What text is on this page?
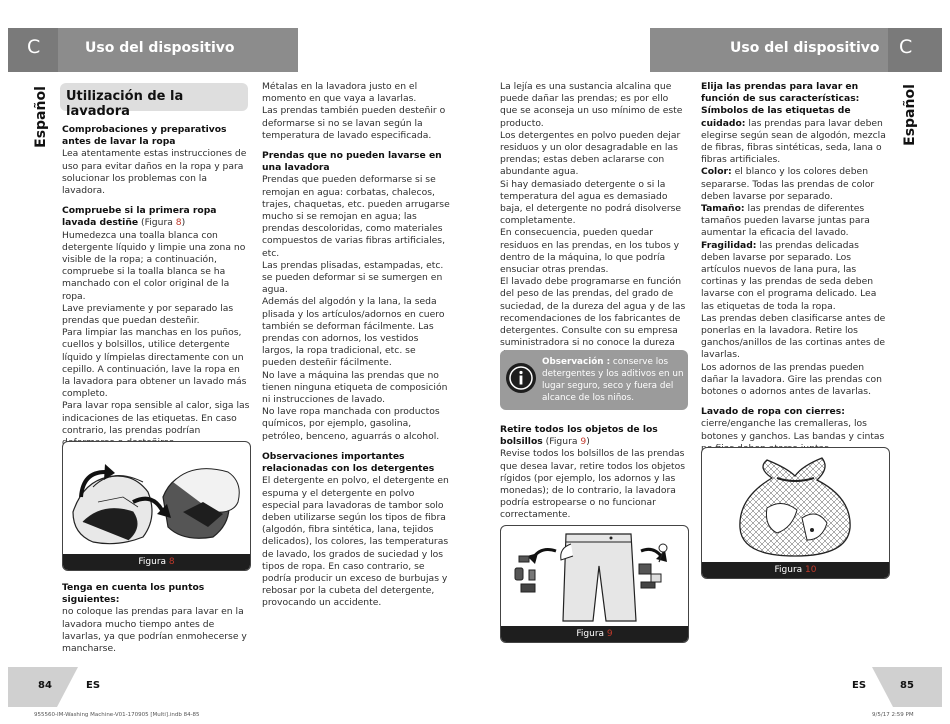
C	Uso del dispositivo	C
Uso del dispositivo
Español	Español
Utilización de la lavadora

Comprobaciones y preparativos antes de lavar la ropa

Lea atentamente estas instrucciones de uso para evitar daños en la ropa y para solucionar los problemas con la lavadora.

Compruebe si la primera ropa lavada destiñe (Figura 8)

Humedezca una toalla blanca con detergente líquido y limpie una zona no visible de la ropa; a continuación, compruebe si la toalla blanca se ha manchado con el color original de la ropa.

Lave previamente y por separado las prendas que puedan desteñir.

Para limpiar las manchas en los puños, cuellos y bolsillos, utilice detergente líquido y límpielas directamente con un cepillo. A continuación, lave la ropa en la lavadora para obtener un lavado más completo.

Para lavar ropa sensible al calor, siga las indicaciones de las etiquetas. En caso contrario, las prendas podrían

Figura 8

Tenga en cuenta los puntos siguientes:

no coloque las prendas para lavar en la lavadora mucho tiempo antes de lavarlas, ya que podrían enmohecerse y mancharse.

Métalas en la lavadora justo en el momento en que vaya a lavarlas.

Las prendas también pueden desteñir o deformarse si no se lavan según la temperatura de lavado especificada.

Prendas que no pueden lavarse en una lavadora

Prendas que pueden deformarse si se remojan en agua: corbatas, chalecos, trajes, chaquetas, etc. pueden arrugarse mucho si se remojan en agua; las prendas descoloridas, como materiales compuestos de varias fibras artificiales, etc.

Las prendas plisadas, estampadas, etc. se pueden deformar si se sumergen en agua.

Además del algodón y la lana, la seda plisada y los artículos/adornos en cuero también se deforman fácilmente. Las prendas con adornos, los vestidos largos, la ropa tradicional, etc. se pueden desteñir fácilmente.

No lave a máquina las prendas que no tienen ninguna etiqueta de composición ni instrucciones de lavado.

No lave ropa manchada con productos químicos, por ejemplo, gasolina, petróleo, benceno, aguarrás o alcohol.

Observaciones importantes relacionadas con los detergentes

El detergente en polvo, el detergente en espuma y el detergente en polvo especial para lavadoras de tambor solo deben utilizarse según los tipos de fibra (algodón, fibra sintética, lana, tejidos delicados), los colores, las temperaturas de lavado, los grados de suciedad y los tipos de ropa. En caso contrario, se podría producir un exceso de burbujas y rebosar por la cubeta del detergente, provocando un accidente.

La lejía es una sustancia alcalina que puede dañar las prendas; es por ello que se aconseja un uso mínimo de este producto.

Los detergentes en polvo pueden dejar residuos y un olor desagradable en las prendas; estas deben aclararse con abundante agua.

Si hay demasiado detergente o si la temperatura del agua es demasiado baja, el detergente no podrá disolverse completamente.

En consecuencia, pueden quedar residuos en las prendas, en los tubos y dentro de la máquina, lo que podría ensuciar otras prendas.

El lavado debe programarse en función del peso de las prendas, del grado de suciedad, de la dureza del agua y de las recomendaciones de los fabricantes de detergentes. Consulte con su empresa suministradora si no conoce la dureza

Observación : conserve los detergentes y los aditivos en un lugar seguro, seco y fuera del alcance de los niños.

Retire todos los objetos de los bolsillos (Figura 9)

Revise todos los bolsillos de las prendas que desea lavar, retire todos los objetos rígidos (por ejemplo, los adornos y las monedas); de lo contrario, la lavadora podría estropearse o no funcionar correctamente.

Figura 9

Elija las prendas para lavar en función de sus características:

Símbolos de las etiquetas de cuidado: las prendas para lavar deben elegirse según sean de algodón, mezcla de fibras, fibras sintéticas, seda, lana o fibras artificiales.

Color: el blanco y los colores deben separarse. Todas las prendas de color deben lavarse por separado.

Tamaño: las prendas de diferentes tamaños pueden lavarse juntas para aumentar la eficacia del lavado.

Fragilidad: las prendas delicadas deben lavarse por separado. Los artículos nuevos de lana pura, las cortinas y las prendas de seda deben lavarse con el programa delicado. Lea las etiquetas de toda la ropa.

Las prendas deben clasificarse antes de ponerlas en la lavadora. Retire los ganchos/anillos de las cortinas antes de lavarlas.

Los adornos de las prendas pueden dañar la lavadora. Gire las prendas con botones o adornos antes de lavarlas.

Lavado de ropa con cierres:

cierre/enganche las cremalleras, los botones y ganchos. Las bandas y cintas

Figura 10
84	ES	ES	85
955560-IM-Washing Machine-V01-170905 [Multi].indb 84-85	9/5/17 2:59 PM
